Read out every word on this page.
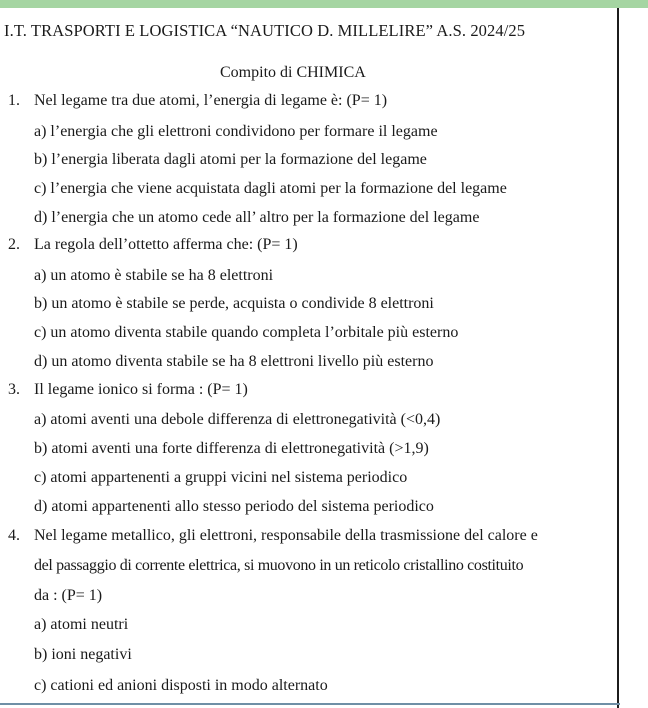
I.T. TRASPORTI E LOGISTICA “NAUTICO D. MILLELIRE” A.S. 2024/25
Compito di CHIMICA
1. Nel legame tra due atomi, l’energia di legame è: (P= 1)
a) l’energia che gli elettroni condividono per formare il legame
b) l’energia liberata dagli atomi per la formazione del legame
c) l’energia che viene acquistata dagli atomi per la formazione del legame
d) l’energia che un atomo cede all’ altro per la formazione del legame
2. La regola dell’ottetto afferma che: (P= 1)
a) un atomo è stabile se ha 8 elettroni
b) un atomo è stabile se perde, acquista o condivide 8 elettroni
c) un atomo diventa stabile quando completa l’orbitale più esterno
d) un atomo diventa stabile se ha 8 elettroni livello più esterno
3. Il legame ionico si forma : (P= 1)
a) atomi aventi una debole differenza di elettronegatività (<0,4)
b) atomi aventi una forte differenza di elettronegatività (>1,9)
c) atomi appartenenti a gruppi vicini nel sistema periodico
d) atomi appartenenti allo stesso periodo del sistema periodico
4. Nel legame metallico, gli elettroni, responsabile della trasmissione del calore e
del passaggio di corrente elettrica, si muovono in un reticolo cristallino costituito
da : (P= 1)
a) atomi neutri
b) ioni negativi
c) cationi ed anioni disposti in modo alternato
